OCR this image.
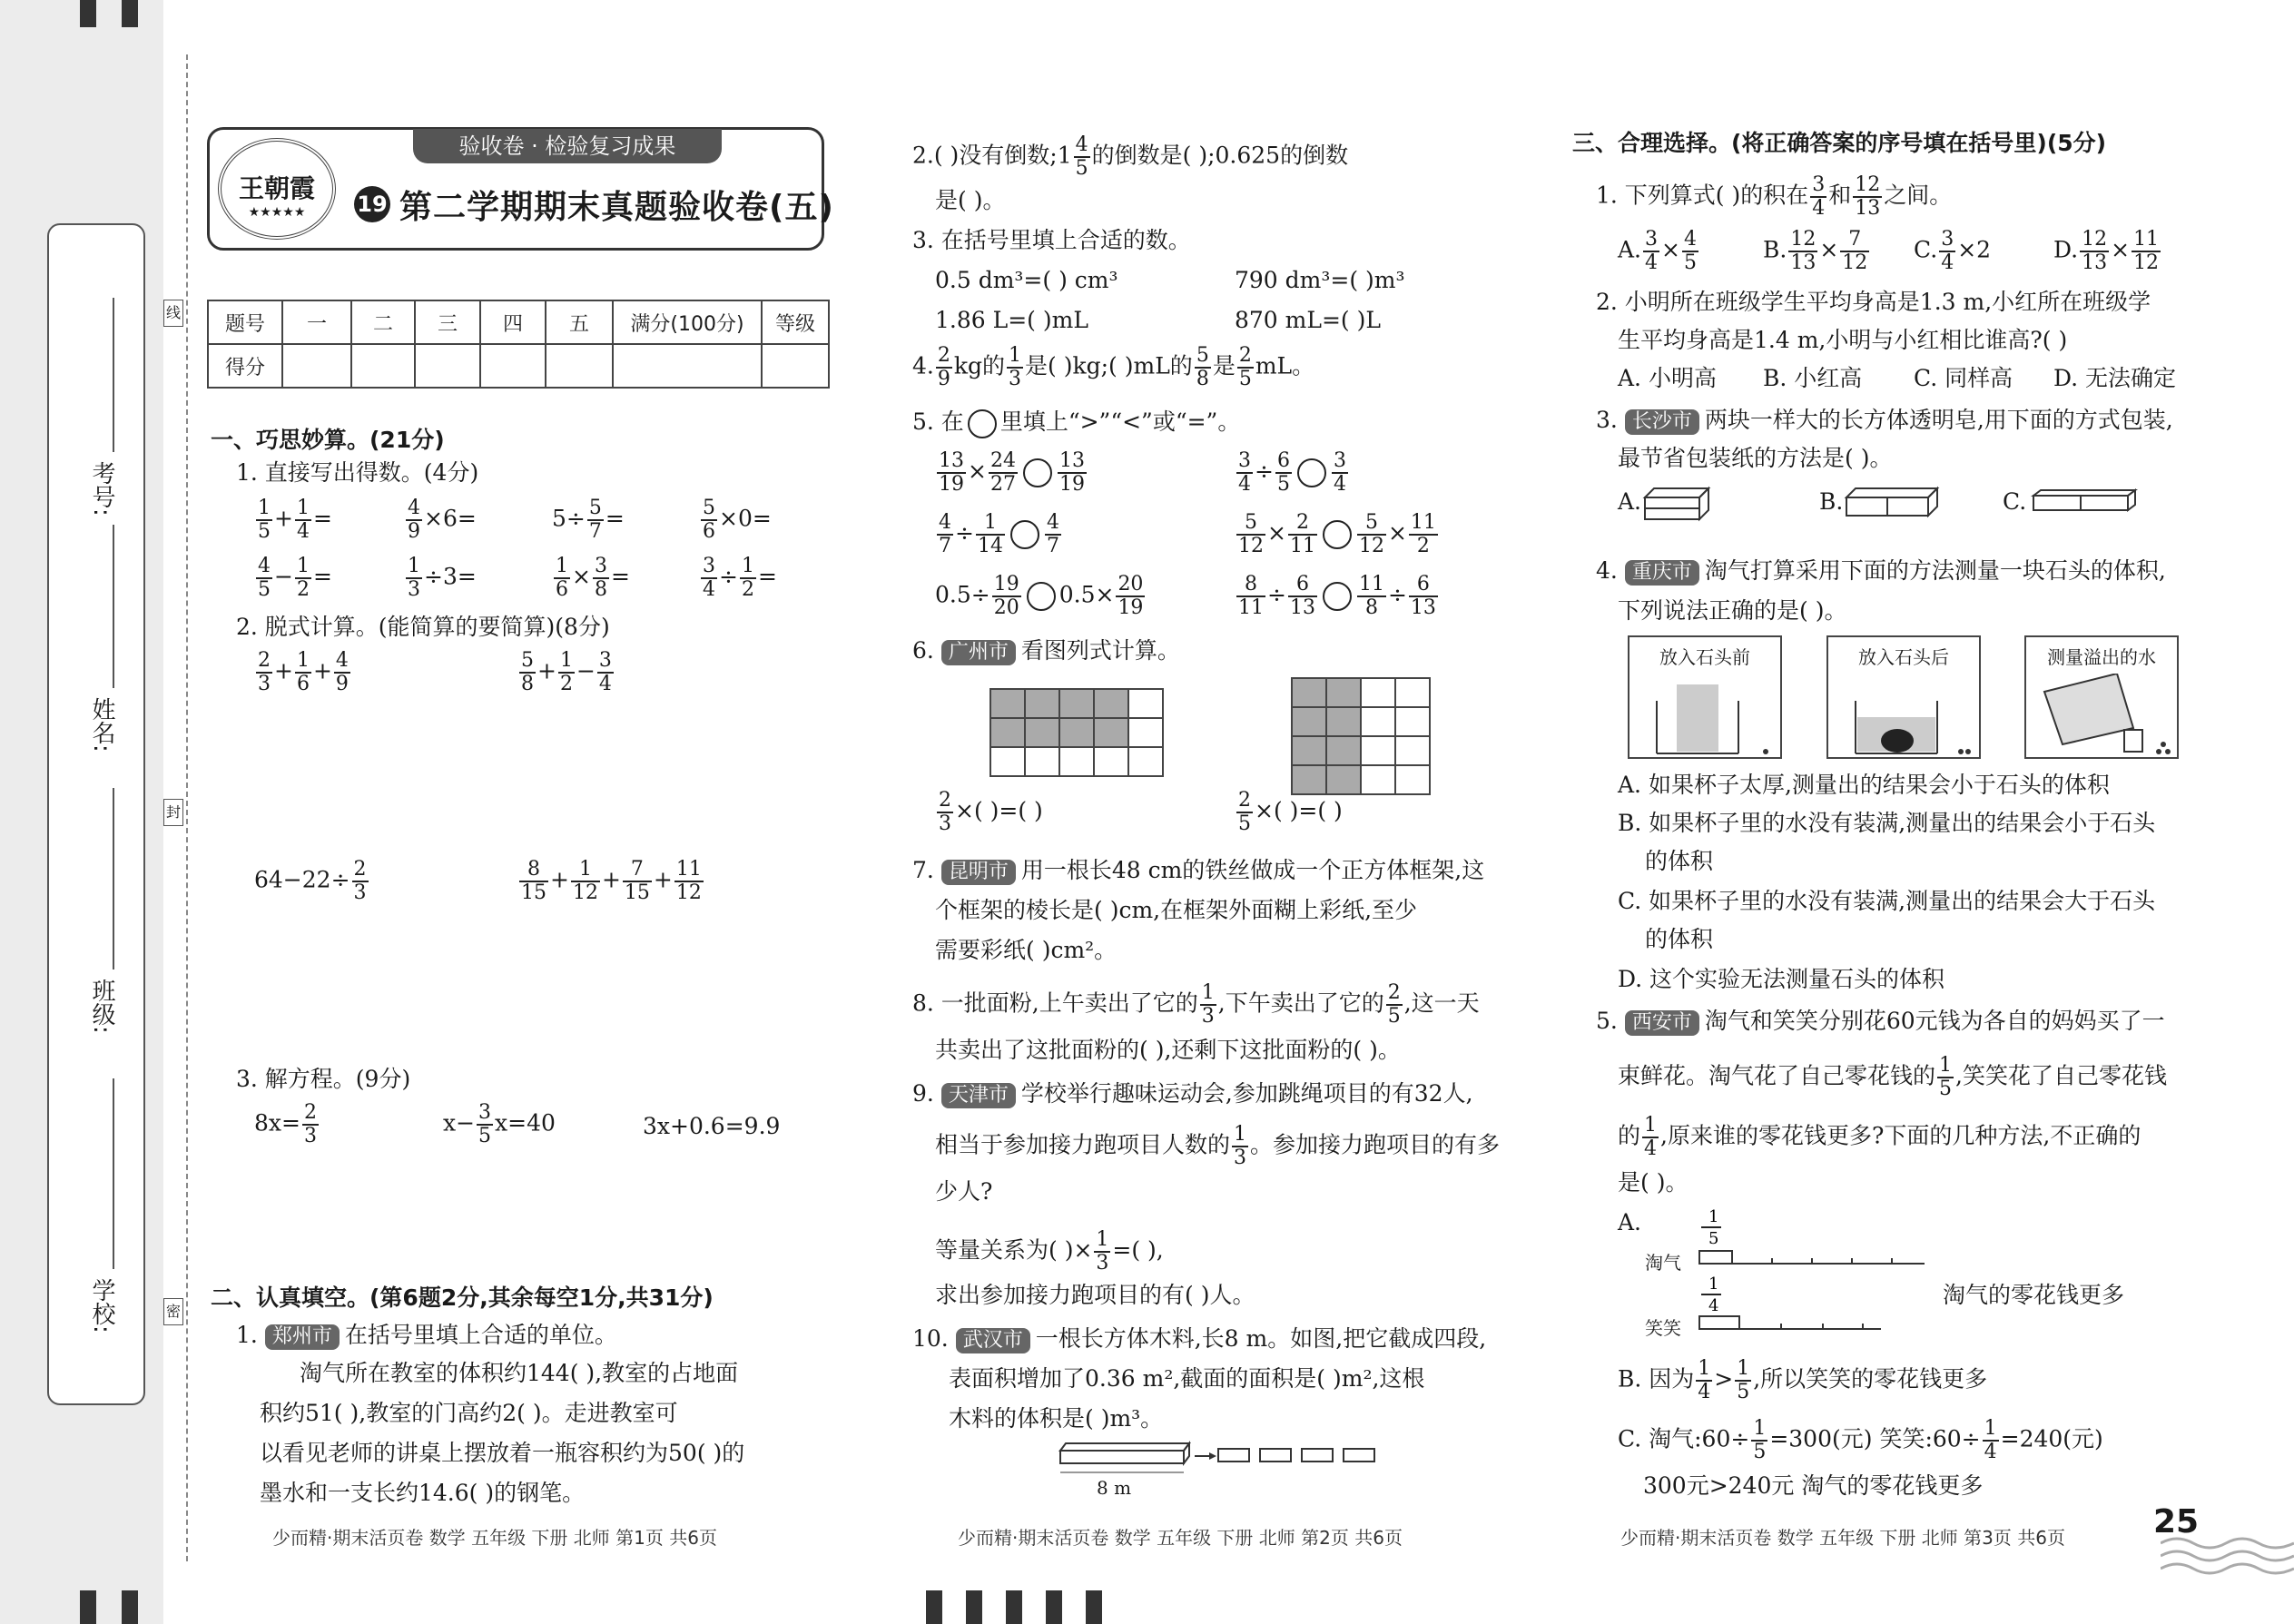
考号:
姓名:
班级:
学校:
线
封
密
验收卷 · 检验复习成果
王朝霞
★★★★★	19 第二学期期末真题验收卷(五)
题号	一	二	三	四	五	满分(100分)	等级
得分							
一、巧思妙算。(21分)
1. 直接写出得数。(4分)
$\frac{1}{5} + \frac{1}{4}$ =	$\frac{4}{9} \times 6=$	$5\div \frac{5}{7}$ =	$\frac{5}{6} \times 0=$
$\frac{4}{5} - \frac{1}{2}$ =	$\frac{1}{3} \div 3=$	$\frac{1}{6} \times \frac{3}{8}$ =	$\frac{3}{4} \div \frac{1}{2}$ =
2. 脱式计算。(能简算的要简算)(8分)
$\frac{2}{3} + \frac{1}{6} + \frac{4}{9}$	$\frac{5}{8} + \frac{1}{2} - \frac{3}{4}$
$64-22\div \frac{2}{3}$	$\frac{8}{15} + \frac{1}{12} + \frac{7}{15} + \frac{11}{12}$
3. 解方程。(9分)
$8x= \frac{2}{3}$	$x- \frac{3}{5} x=40$	3x+0.6=9.9
二、认真填空。(第6题2分,其余每空1分,共31分)
1. 郑州市 在括号里填上合适的单位。
淘气所在教室的体积约144( ),教室的占地面
积约51( ),教室的门高约2( )。走进教室可
以看见老师的讲桌上摆放着一瓶容积约为50( )的
墨水和一支长约14.6( )的钢笔。
少而精·期末活页卷 数学 五年级 下册 北师 第1页 共6页
2.( )没有倒数;1 $\frac{4}{5}$ 的倒数是( );0.625的倒数
是( )。
3. 在括号里填上合适的数。
0.5 dm³=( ) cm³	790 dm³=( )m³
1.86 L=( )mL	870 mL=( )L
4. $\frac{2}{9}$ kg的 $\frac{1}{3}$ 是( )kg;( )mL的 $\frac{5}{8}$ 是 $\frac{2}{5}$ mL。
5. 在 里填上“>”“<”或“=”。
$\frac{13}{19} \times \frac{24}{27} \frac{13}{19}$	$\frac{3}{4} \div \frac{6}{5} \frac{3}{4}$
$\frac{4}{7} \div \frac{1}{14} \frac{4}{7}$	$\frac{5}{12} \times \frac{2}{11} \frac{5}{12} \times \frac{11}{2}$
$0.5\div \frac{19}{20} 0.5\times \frac{20}{19}$	$\frac{8}{11} \div \frac{6}{13} \frac{11}{8} \div \frac{6}{13}$
6. 广州市 看图列式计算。

$\frac{2}{3}$ ×( )=( )	$\frac{2}{5}$ ×( )=( )
7. 昆明市 用一根长48 cm的铁丝做成一个正方体框架,这
个框架的棱长是( )cm,在框架外面糊上彩纸,至少
需要彩纸( )cm²。
8. 一批面粉,上午卖出了它的 $\frac{1}{3}$ ,下午卖出了它的 $\frac{2}{5}$ ,这一天
共卖出了这批面粉的( ),还剩下这批面粉的( )。
9. 天津市 学校举行趣味运动会,参加跳绳项目的有32人,
相当于参加接力跑项目人数的 $\frac{1}{3}$ 。参加接力跑项目的有多
少人?
等量关系为( )× $\frac{1}{3}$ =( ),
求出参加接力跑项目的有( )人。
10. 武汉市 一根长方体木料,长8 m。如图,把它截成四段,
表面积增加了0.36 m²,截面的面积是( )m²,这根
木料的体积是( )m³。
8 m
少而精·期末活页卷 数学 五年级 下册 北师 第2页 共6页
三、合理选择。(将正确答案的序号填在括号里)(5分)
1. 下列算式( )的积在 $\frac{3}{4}$ 和 $\frac{12}{13}$ 之间。
A. $\frac{3}{4} \times \frac{4}{5}$	B. $\frac{12}{13} \times \frac{7}{12} C$. $\frac{3}{4} \times 2$	D. $\frac{12}{13} \times \frac{11}{12}$
2. 小明所在班级学生平均身高是1.3 m,小红所在班级学
生平均身高是1.4 m,小明与小红相比谁高?( )
A. 小明高 B. 小红高 C. 同样高 D. 无法确定
3. 长沙市 两块一样大的长方体透明皂,用下面的方式包装,
最节省包装纸的方法是( )。
A.	B.	C.
4. 重庆市 淘气打算采用下面的方法测量一块石头的体积,
下列说法正确的是( )。
放入石头前	放入石头后	测量溢出的水
A. 如果杯子太厚,测量出的结果会小于石头的体积
B. 如果杯子里的水没有装满,测量出的结果会小于石头
的体积
C. 如果杯子里的水没有装满,测量出的结果会大于石头
的体积
D. 这个实验无法测量石头的体积
5. 西安市 淘气和笑笑分别花60元钱为各自的妈妈买了一
束鲜花。淘气花了自己零花钱的 $\frac{1}{5}$ ,笑笑花了自己零花钱
的 $\frac{1}{4}$ ,原来谁的零花钱更多?下面的几种方法,不正确的
是( )。
A.	1
5
1
4
淘气
笑笑
淘气的零花钱更多
B. 因为 $\frac{1}{4} > \frac{1}{5}$ ,所以笑笑的零花钱更多
C. 淘气:60÷ $\frac{1}{5} =300$(元) 笑笑:60÷ $\frac{1}{4} =240$(元)
300元>240元 淘气的零花钱更多
少而精·期末活页卷 数学 五年级 下册 北师 第3页 共6页	25
